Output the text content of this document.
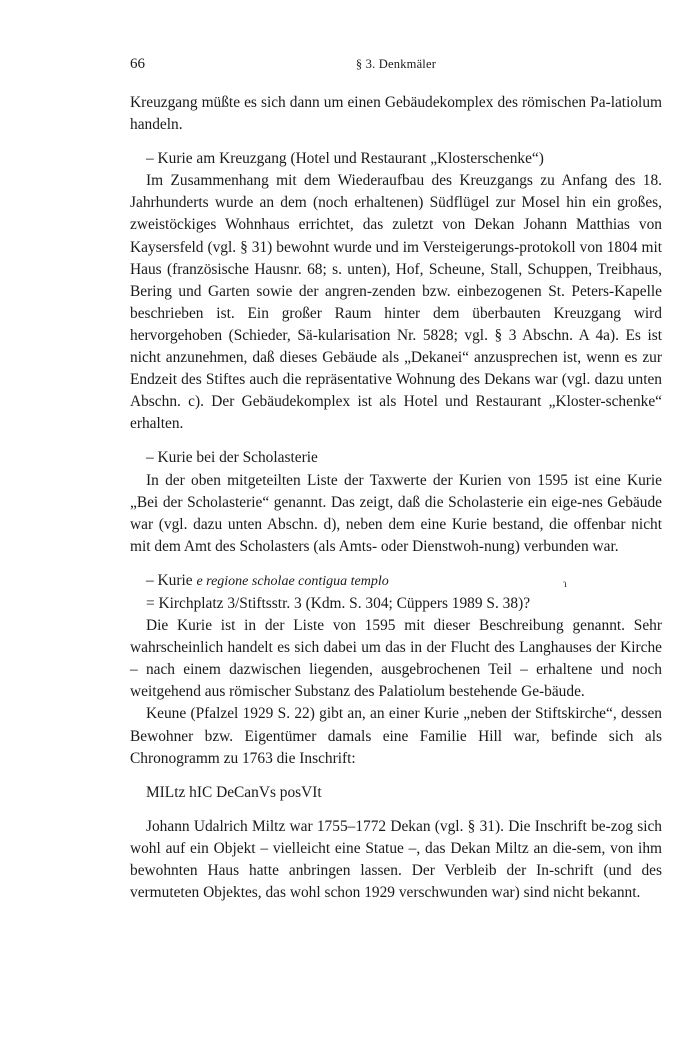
66	§ 3. Denkmäler

Kreuzgang müßte es sich dann um einen Gebäudekomplex des römischen Pa-latiolum handeln.

– Kurie am Kreuzgang (Hotel und Restaurant „Klosterschenke“)

Im Zusammenhang mit dem Wiederaufbau des Kreuzgangs zu Anfang des 18. Jahrhunderts wurde an dem (noch erhaltenen) Südflügel zur Mosel hin ein großes, zweistöckiges Wohnhaus errichtet, das zuletzt von Dekan Johann Matthias von Kaysersfeld (vgl. § 31) bewohnt wurde und im Versteigerungs-protokoll von 1804 mit Haus (französische Hausnr. 68; s. unten), Hof, Scheune, Stall, Schuppen, Treibhaus, Bering und Garten sowie der angren-zenden bzw. einbezogenen St. Peters-Kapelle beschrieben ist. Ein großer Raum hinter dem überbauten Kreuzgang wird hervorgehoben (Schieder, Sä-kularisation Nr. 5828; vgl. § 3 Abschn. A 4a). Es ist nicht anzunehmen, daß dieses Gebäude als „Dekanei“ anzusprechen ist, wenn es zur Endzeit des Stiftes auch die repräsentative Wohnung des Dekans war (vgl. dazu unten Abschn. c). Der Gebäudekomplex ist als Hotel und Restaurant „Kloster-schenke“ erhalten.

– Kurie bei der Scholasterie

In der oben mitgeteilten Liste der Taxwerte der Kurien von 1595 ist eine Kurie „Bei der Scholasterie“ genannt. Das zeigt, daß die Scholasterie ein eige-nes Gebäude war (vgl. dazu unten Abschn. d), neben dem eine Kurie bestand, die offenbar nicht mit dem Amt des Scholasters (als Amts- oder Dienstwoh-nung) verbunden war.

– Kurie e regione scholae contigua templo

= Kirchplatz 3/Stiftsstr. 3 (Kdm. S. 304; Cüppers 1989 S. 38)?

Die Kurie ist in der Liste von 1595 mit dieser Beschreibung genannt. Sehr wahrscheinlich handelt es sich dabei um das in der Flucht des Langhauses der Kirche – nach einem dazwischen liegenden, ausgebrochenen Teil – erhaltene und noch weitgehend aus römischer Substanz des Palatiolum bestehende Ge-bäude.

Keune (Pfalzel 1929 S. 22) gibt an, an einer Kurie „neben der Stiftskirche“, dessen Bewohner bzw. Eigentümer damals eine Familie Hill war, befinde sich als Chronogramm zu 1763 die Inschrift:

MILtz hIC DeCanVs posVIt

Johann Udalrich Miltz war 1755–1772 Dekan (vgl. § 31). Die Inschrift be-zog sich wohl auf ein Objekt – vielleicht eine Statue –, das Dekan Miltz an die-sem, von ihm bewohnten Haus hatte anbringen lassen. Der Verbleib der In-schrift (und des vermuteten Objektes, das wohl schon 1929 verschwunden war) sind nicht bekannt.

ɿ
